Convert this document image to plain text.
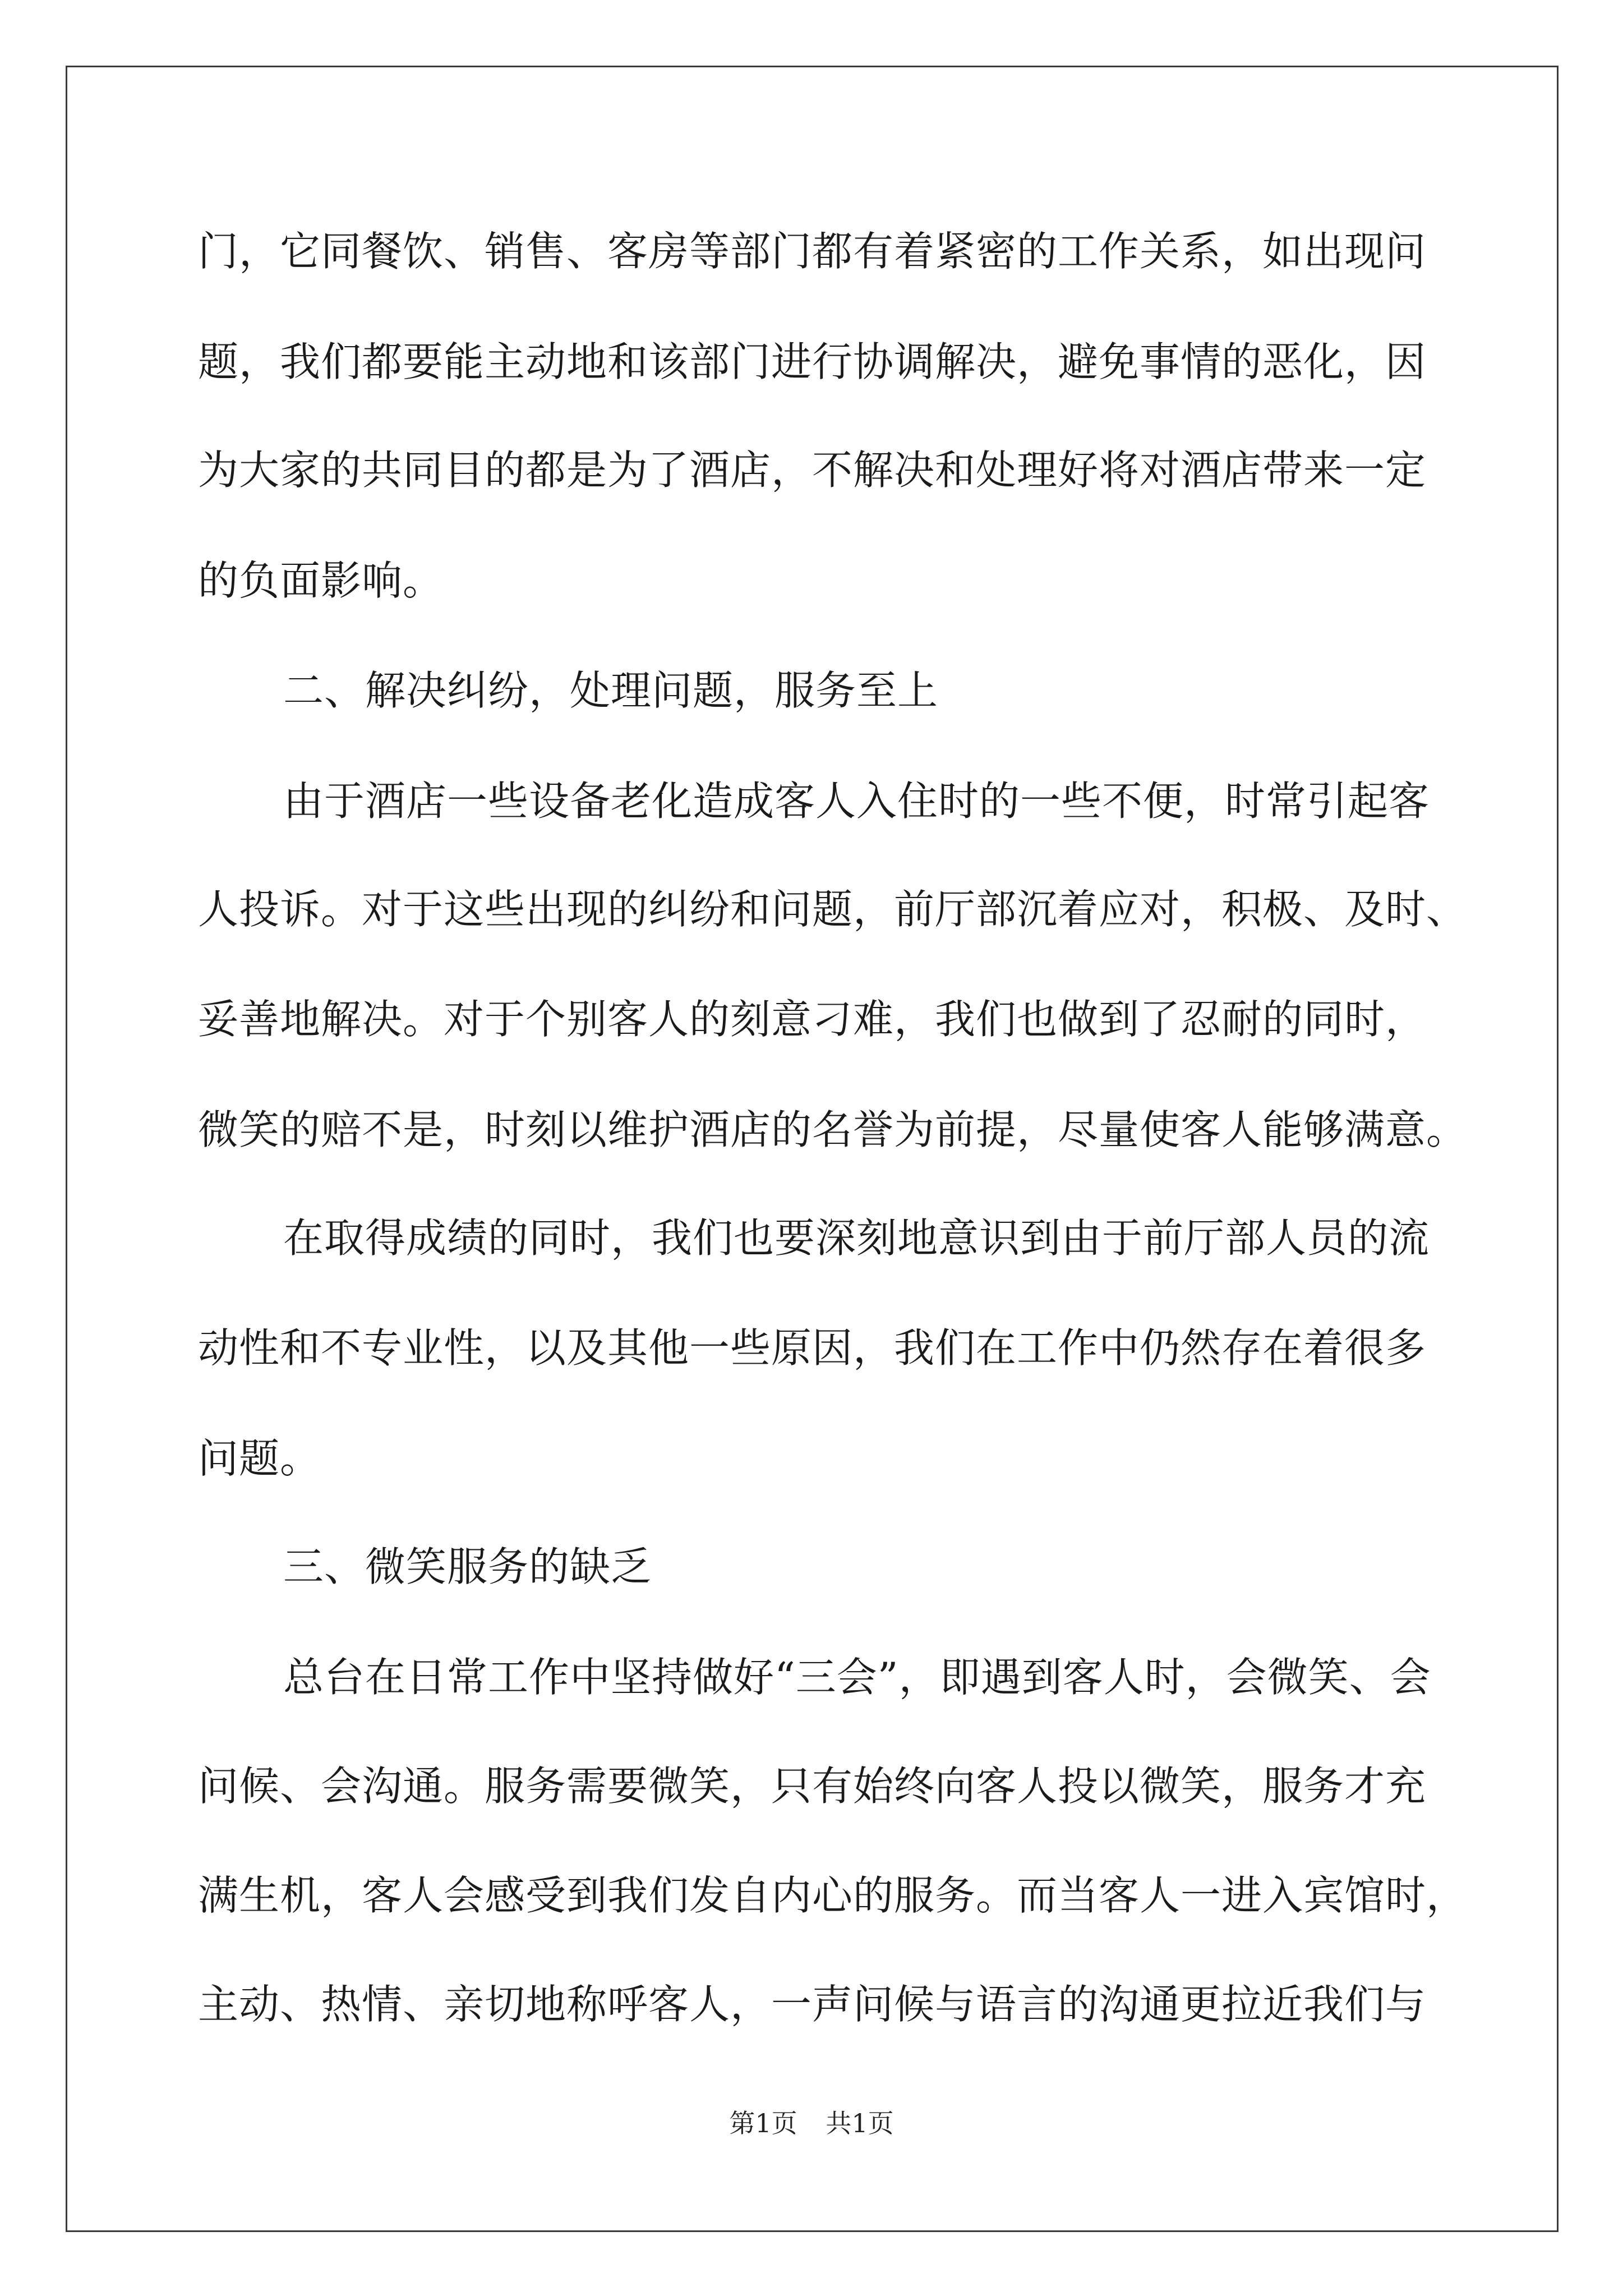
门，它同餐饮、销售、客房等部门都有着紧密的工作关系，如出现问
题，我们都要能主动地和该部门进行协调解决，避免事情的恶化，因
为大家的共同目的都是为了酒店，不解决和处理好将对酒店带来一定
的负面影响。
二、解决纠纷，处理问题，服务至上
由于酒店一些设备老化造成客人入住时的一些不便，时常引起客
人投诉。对于这些出现的纠纷和问题，前厅部沉着应对，积极、及时、
妥善地解决。对于个别客人的刻意刁难，我们也做到了忍耐的同时，
微笑的赔不是，时刻以维护酒店的名誉为前提，尽量使客人能够满意。
在取得成绩的同时，我们也要深刻地意识到由于前厅部人员的流
动性和不专业性，以及其他一些原因，我们在工作中仍然存在着很多
问题。
三、微笑服务的缺乏
总台在日常工作中坚持做好“三会”，即遇到客人时，会微笑、会
问候、会沟通。服务需要微笑，只有始终向客人投以微笑，服务才充
满生机，客人会感受到我们发自内心的服务。而当客人一进入宾馆时，
主动、热情、亲切地称呼客人，一声问候与语言的沟通更拉近我们与
第1页 共1页
